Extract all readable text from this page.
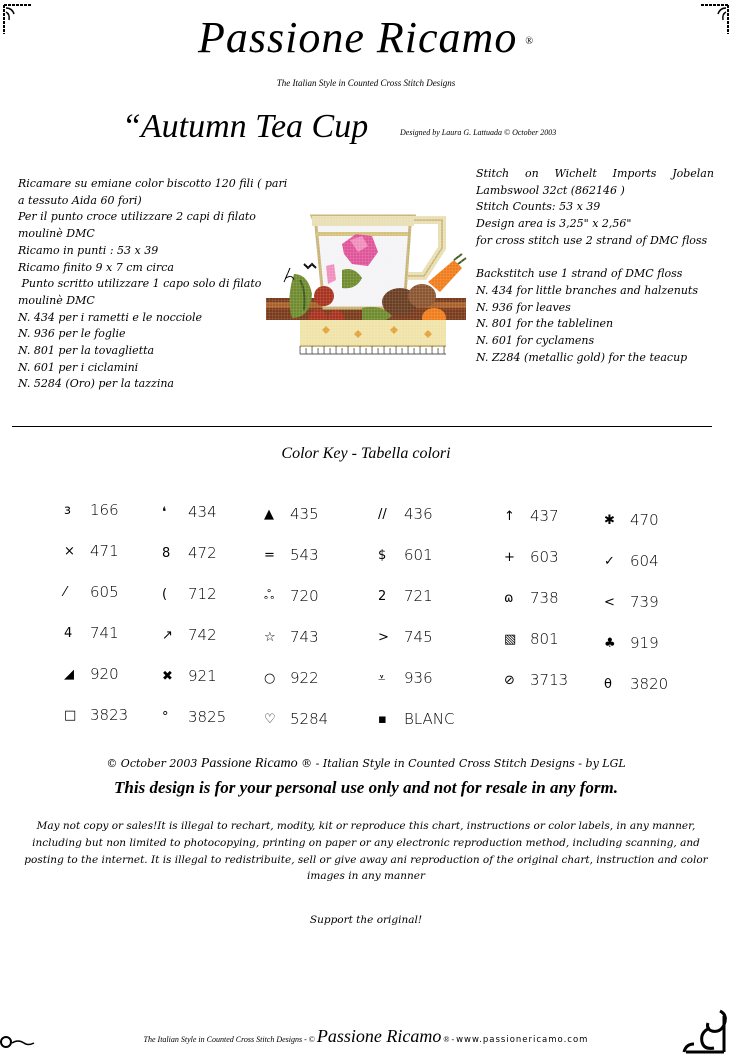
Passione Ricamo ®
The Italian Style in Counted Cross Stitch Designs
“Autumn Tea Cup	Designed by Laura G. Lattuada © October 2003
Ricamare su emiane color biscotto 120 fili ( pari
a tessuto Aida 60 fori)
Per il punto croce utilizzare 2 capi di filato
moulinè DMC
Ricamo in punti : 53 x 39
Ricamo finito 9 x 7 cm circa
Punto scritto utilizzare 1 capo solo di filato
moulinè DMC
N. 434 per i rametti e le nocciole
N. 936 per le foglie
N. 801 per la tovaglietta
N. 601 per i ciclamini
N. 5284 (Oro) per la tazzina
Stitch on Wichelt Imports Jobelan
Lambswool 32ct (862146 )
Stitch Counts: 53 x 39
Design area is 3,25" x 2,56"
for cross stitch use 2 strand of DMC floss
Backstitch use 1 strand of DMC floss
N. 434 for little branches and halzenuts
N. 936 for leaves
N. 801 for the tablelinen
N. 601 for cyclamens
N. Z284 (metallic gold) for the teacup
Color Key - Tabella colori
з	166	❛	434	▲	435	//	436	↑	437	✱	470
×	471	8	472	=	543	$	601	+	603	✓	604
⁄	605	(	712	ஃ	720	2	721	ɷ	738	<	739
4	741	↗	742	☆ 743	>	745	▧ 801	♣ 919
◢	920	✖	921	○ 922	⩡	936	⊘	3713	θ	3820
□ 3823	°	3825	♡ 5284	▪	BLANC
© October 2003 Passione Ricamo ® - Italian Style in Counted Cross Stitch Designs - by LGL
This design is for your personal use only and not for resale in any form.
May not copy or sales!It is illegal to rechart, modity, kit or reproduce this chart, instructions or color labels, in any manner, including but non limited to photocopying, printing on paper or any electronic reproduction method, including scanning, and posting to the internet. It is illegal to redistribuite, sell or give away ani reproduction of the original chart, instruction and color images in any manner
Support the original!
The Italian Style in Counted Cross Stitch Designs - © Passione Ricamo ® - www.passionericamo.com
